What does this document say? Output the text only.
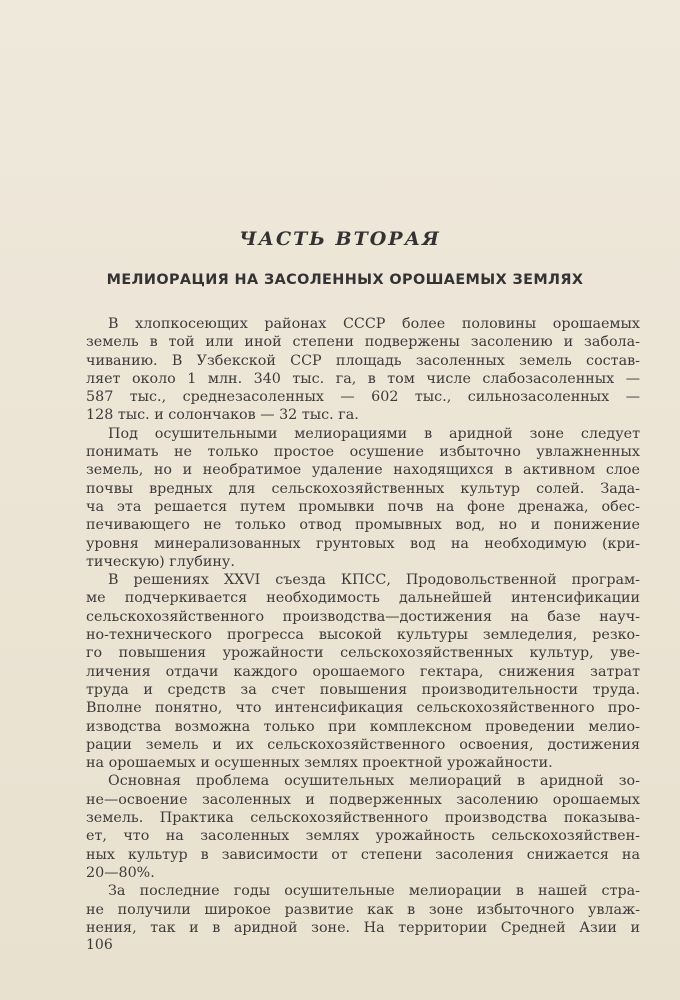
ЧАСТЬ ВТОРАЯ
МЕЛИОРАЦИЯ НА ЗАСОЛЕННЫХ ОРОШАЕМЫХ ЗЕМЛЯХ
В хлопкосеющих районах СССР более половины орошаемых
земель в той или иной степени подвержены засолению и забола-
чиванию. В Узбекской ССР площадь засоленных земель состав-
ляет около 1 млн. 340 тыс. га, в том числе слабозасоленных —
587 тыс., среднезасоленных — 602 тыс., сильнозасоленных —
128 тыс. и солончаков — 32 тыс. га.
Под осушительными мелиорациями в аридной зоне следует
понимать не только простое осушение избыточно увлажненных
земель, но и необратимое удаление находящихся в активном слое
почвы вредных для сельскохозяйственных культур солей. Зада-
ча эта решается путем промывки почв на фоне дренажа, обес-
печивающего не только отвод промывных вод, но и понижение
уровня минерализованных грунтовых вод на необходимую (кри-
тическую) глубину.
В решениях XXVI съезда КПСС, Продовольственной програм-
ме подчеркивается необходимость дальнейшей интенсификации
сельскохозяйственного производства—достижения на базе науч-
но-технического прогресса высокой культуры земледелия, резко-
го повышения урожайности сельскохозяйственных культур, уве-
личения отдачи каждого орошаемого гектара, снижения затрат
труда и средств за счет повышения производительности труда.
Вполне понятно, что интенсификация сельскохозяйственного про-
изводства возможна только при комплексном проведении мелио-
рации земель и их сельскохозяйственного освоения, достижения
на орошаемых и осушенных землях проектной урожайности.
Основная проблема осушительных мелиораций в аридной зо-
не—освоение засоленных и подверженных засолению орошаемых
земель. Практика сельскохозяйственного производства показыва-
ет, что на засоленных землях урожайность сельскохозяйствен-
ных культур в зависимости от степени засоления снижается на
20—80%.
За последние годы осушительные мелиорации в нашей стра-
не получили широкое развитие как в зоне избыточного увлаж-
нения, так и в аридной зоне. На территории Средней Азии и
106
